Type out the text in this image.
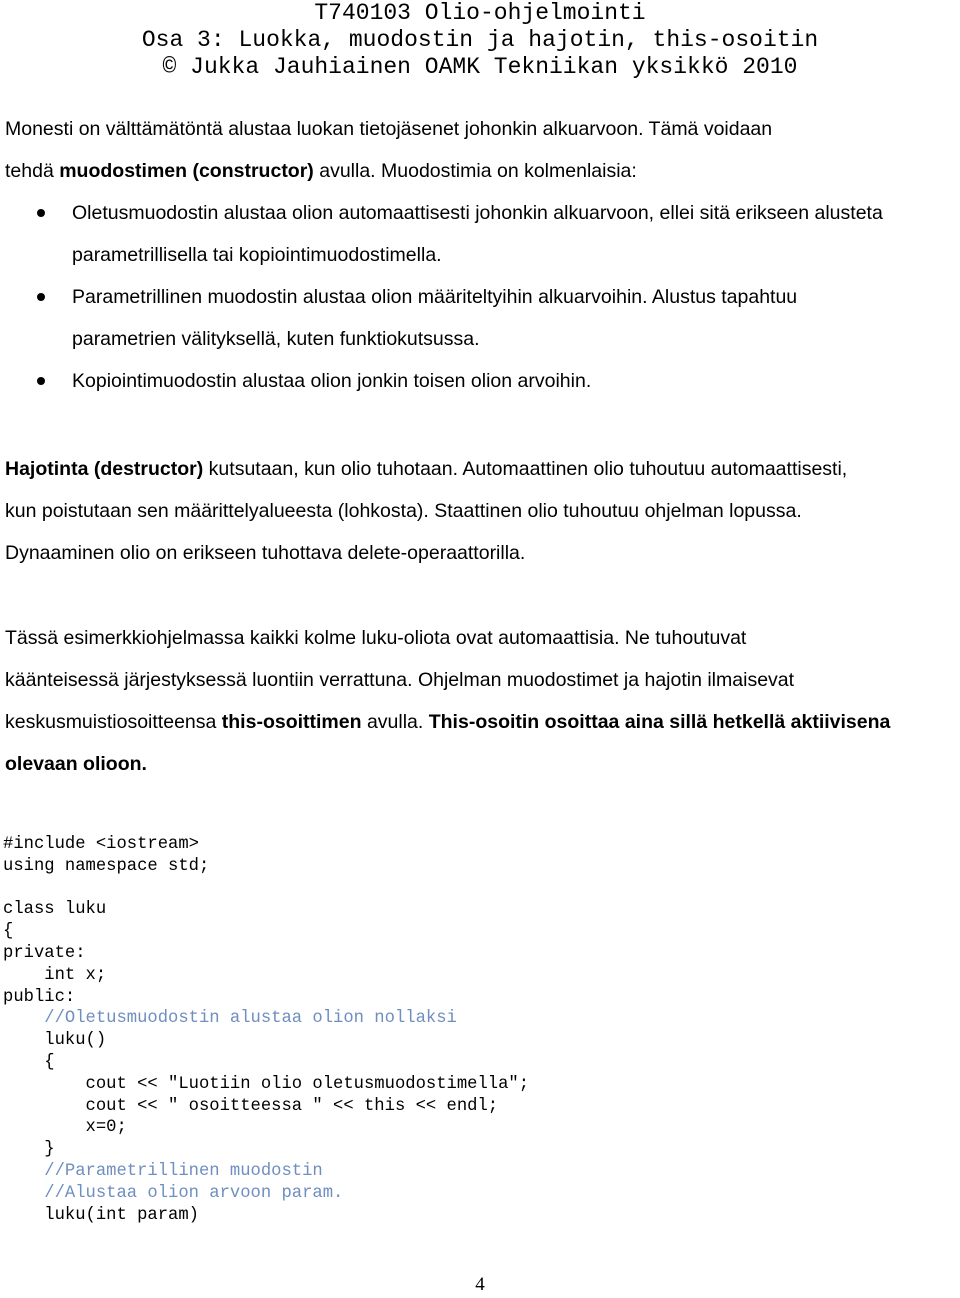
T740103 Olio-ohjelmointi
Osa 3: Luokka, muodostin ja hajotin, this-osoitin
© Jukka Jauhiainen OAMK Tekniikan yksikkö 2010
Monesti on välttämätöntä alustaa luokan tietojäsenet johonkin alkuarvoon. Tämä voidaan
tehdä muodostimen (constructor) avulla. Muodostimia on kolmenlaisia:
Oletusmuodostin alustaa olion automaattisesti johonkin alkuarvoon, ellei sitä erikseen alusteta
parametrillisella tai kopiointimuodostimella.
Parametrillinen muodostin alustaa olion määriteltyihin alkuarvoihin. Alustus tapahtuu
parametrien välityksellä, kuten funktiokutsussa.
Kopiointimuodostin alustaa olion jonkin toisen olion arvoihin.
Hajotinta (destructor) kutsutaan, kun olio tuhotaan. Automaattinen olio tuhoutuu automaattisesti,
kun poistutaan sen määrittelyalueesta (lohkosta). Staattinen olio tuhoutuu ohjelman lopussa.
Dynaaminen olio on erikseen tuhottava delete-operaattorilla.
Tässä esimerkkiohjelmassa kaikki kolme luku-oliota ovat automaattisia. Ne tuhoutuvat
käänteisessä järjestyksessä luontiin verrattuna. Ohjelman muodostimet ja hajotin ilmaisevat
keskusmuistiosoitteensa this-osoittimen avulla. This-osoitin osoittaa aina sillä hetkellä aktiivisena
olevaan olioon.
#include <iostream>
using namespace std;

class luku
{
private:
int x;
public:
//Oletusmuodostin alustaa olion nollaksi
luku()
{
cout << "Luotiin olio oletusmuodostimella";
cout << " osoitteessa " << this << endl;
x=0;
}
//Parametrillinen muodostin
//Alustaa olion arvoon param.
luku(int param)
4
